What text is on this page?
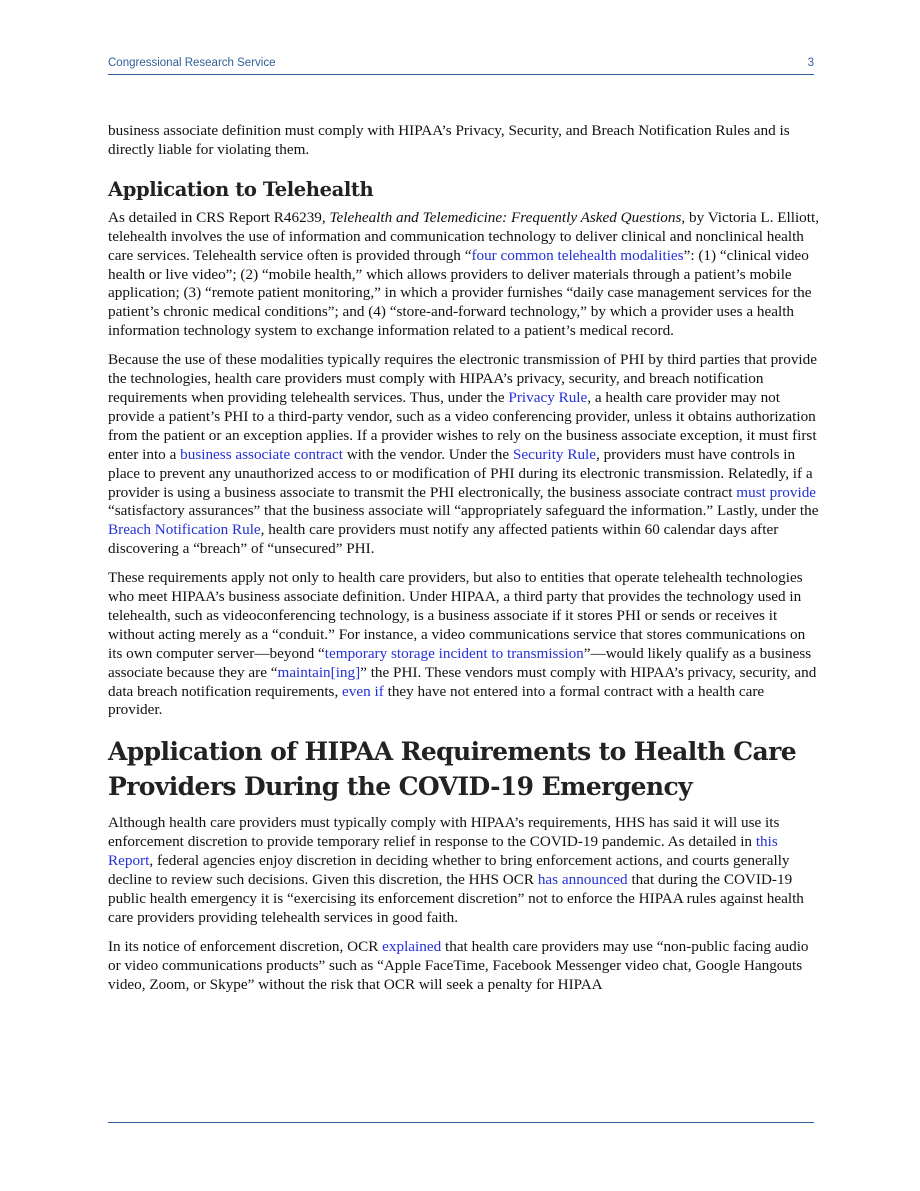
Congressional Research Service	3

business associate definition must comply with HIPAA’s Privacy, Security, and Breach Notification Rules and is directly liable for violating them.

Application to Telehealth

As detailed in CRS Report R46239, Telehealth and Telemedicine: Frequently Asked Questions, by Victoria L. Elliott, telehealth involves the use of information and communication technology to deliver clinical and nonclinical health care services. Telehealth service often is provided through “four common telehealth modalities”: (1) “clinical video health or live video”; (2) “mobile health,” which allows providers to deliver materials through a patient’s mobile application; (3) “remote patient monitoring,” in which a provider furnishes “daily case management services for the patient’s chronic medical conditions”; and (4) “store-and-forward technology,” by which a provider uses a health information technology system to exchange information related to a patient’s medical record.

Because the use of these modalities typically requires the electronic transmission of PHI by third parties that provide the technologies, health care providers must comply with HIPAA’s privacy, security, and breach notification requirements when providing telehealth services. Thus, under the Privacy Rule, a health care provider may not provide a patient’s PHI to a third-party vendor, such as a video conferencing provider, unless it obtains authorization from the patient or an exception applies. If a provider wishes to rely on the business associate exception, it must first enter into a business associate contract with the vendor. Under the Security Rule, providers must have controls in place to prevent any unauthorized access to or modification of PHI during its electronic transmission. Relatedly, if a provider is using a business associate to transmit the PHI electronically, the business associate contract must provide “satisfactory assurances” that the business associate will “appropriately safeguard the information.” Lastly, under the Breach Notification Rule, health care providers must notify any affected patients within 60 calendar days after discovering a “breach” of “unsecured” PHI.

These requirements apply not only to health care providers, but also to entities that operate telehealth technologies who meet HIPAA’s business associate definition. Under HIPAA, a third party that provides the technology used in telehealth, such as videoconferencing technology, is a business associate if it stores PHI or sends or receives it without acting merely as a “conduit.” For instance, a video communications service that stores communications on its own computer server—beyond “temporary storage incident to transmission”—would likely qualify as a business associate because they are “maintain[ing]” the PHI. These vendors must comply with HIPAA’s privacy, security, and data breach notification requirements, even if they have not entered into a formal contract with a health care provider.

Application of HIPAA Requirements to Health Care Providers During the COVID-19 Emergency

Although health care providers must typically comply with HIPAA’s requirements, HHS has said it will use its enforcement discretion to provide temporary relief in response to the COVID-19 pandemic. As detailed in this Report, federal agencies enjoy discretion in deciding whether to bring enforcement actions, and courts generally decline to review such decisions. Given this discretion, the HHS OCR has announced that during the COVID-19 public health emergency it is “exercising its enforcement discretion” not to enforce the HIPAA rules against health care providers providing telehealth services in good faith.

In its notice of enforcement discretion, OCR explained that health care providers may use “non-public facing audio or video communications products” such as “Apple FaceTime, Facebook Messenger video chat, Google Hangouts video, Zoom, or Skype” without the risk that OCR will seek a penalty for HIPAA
